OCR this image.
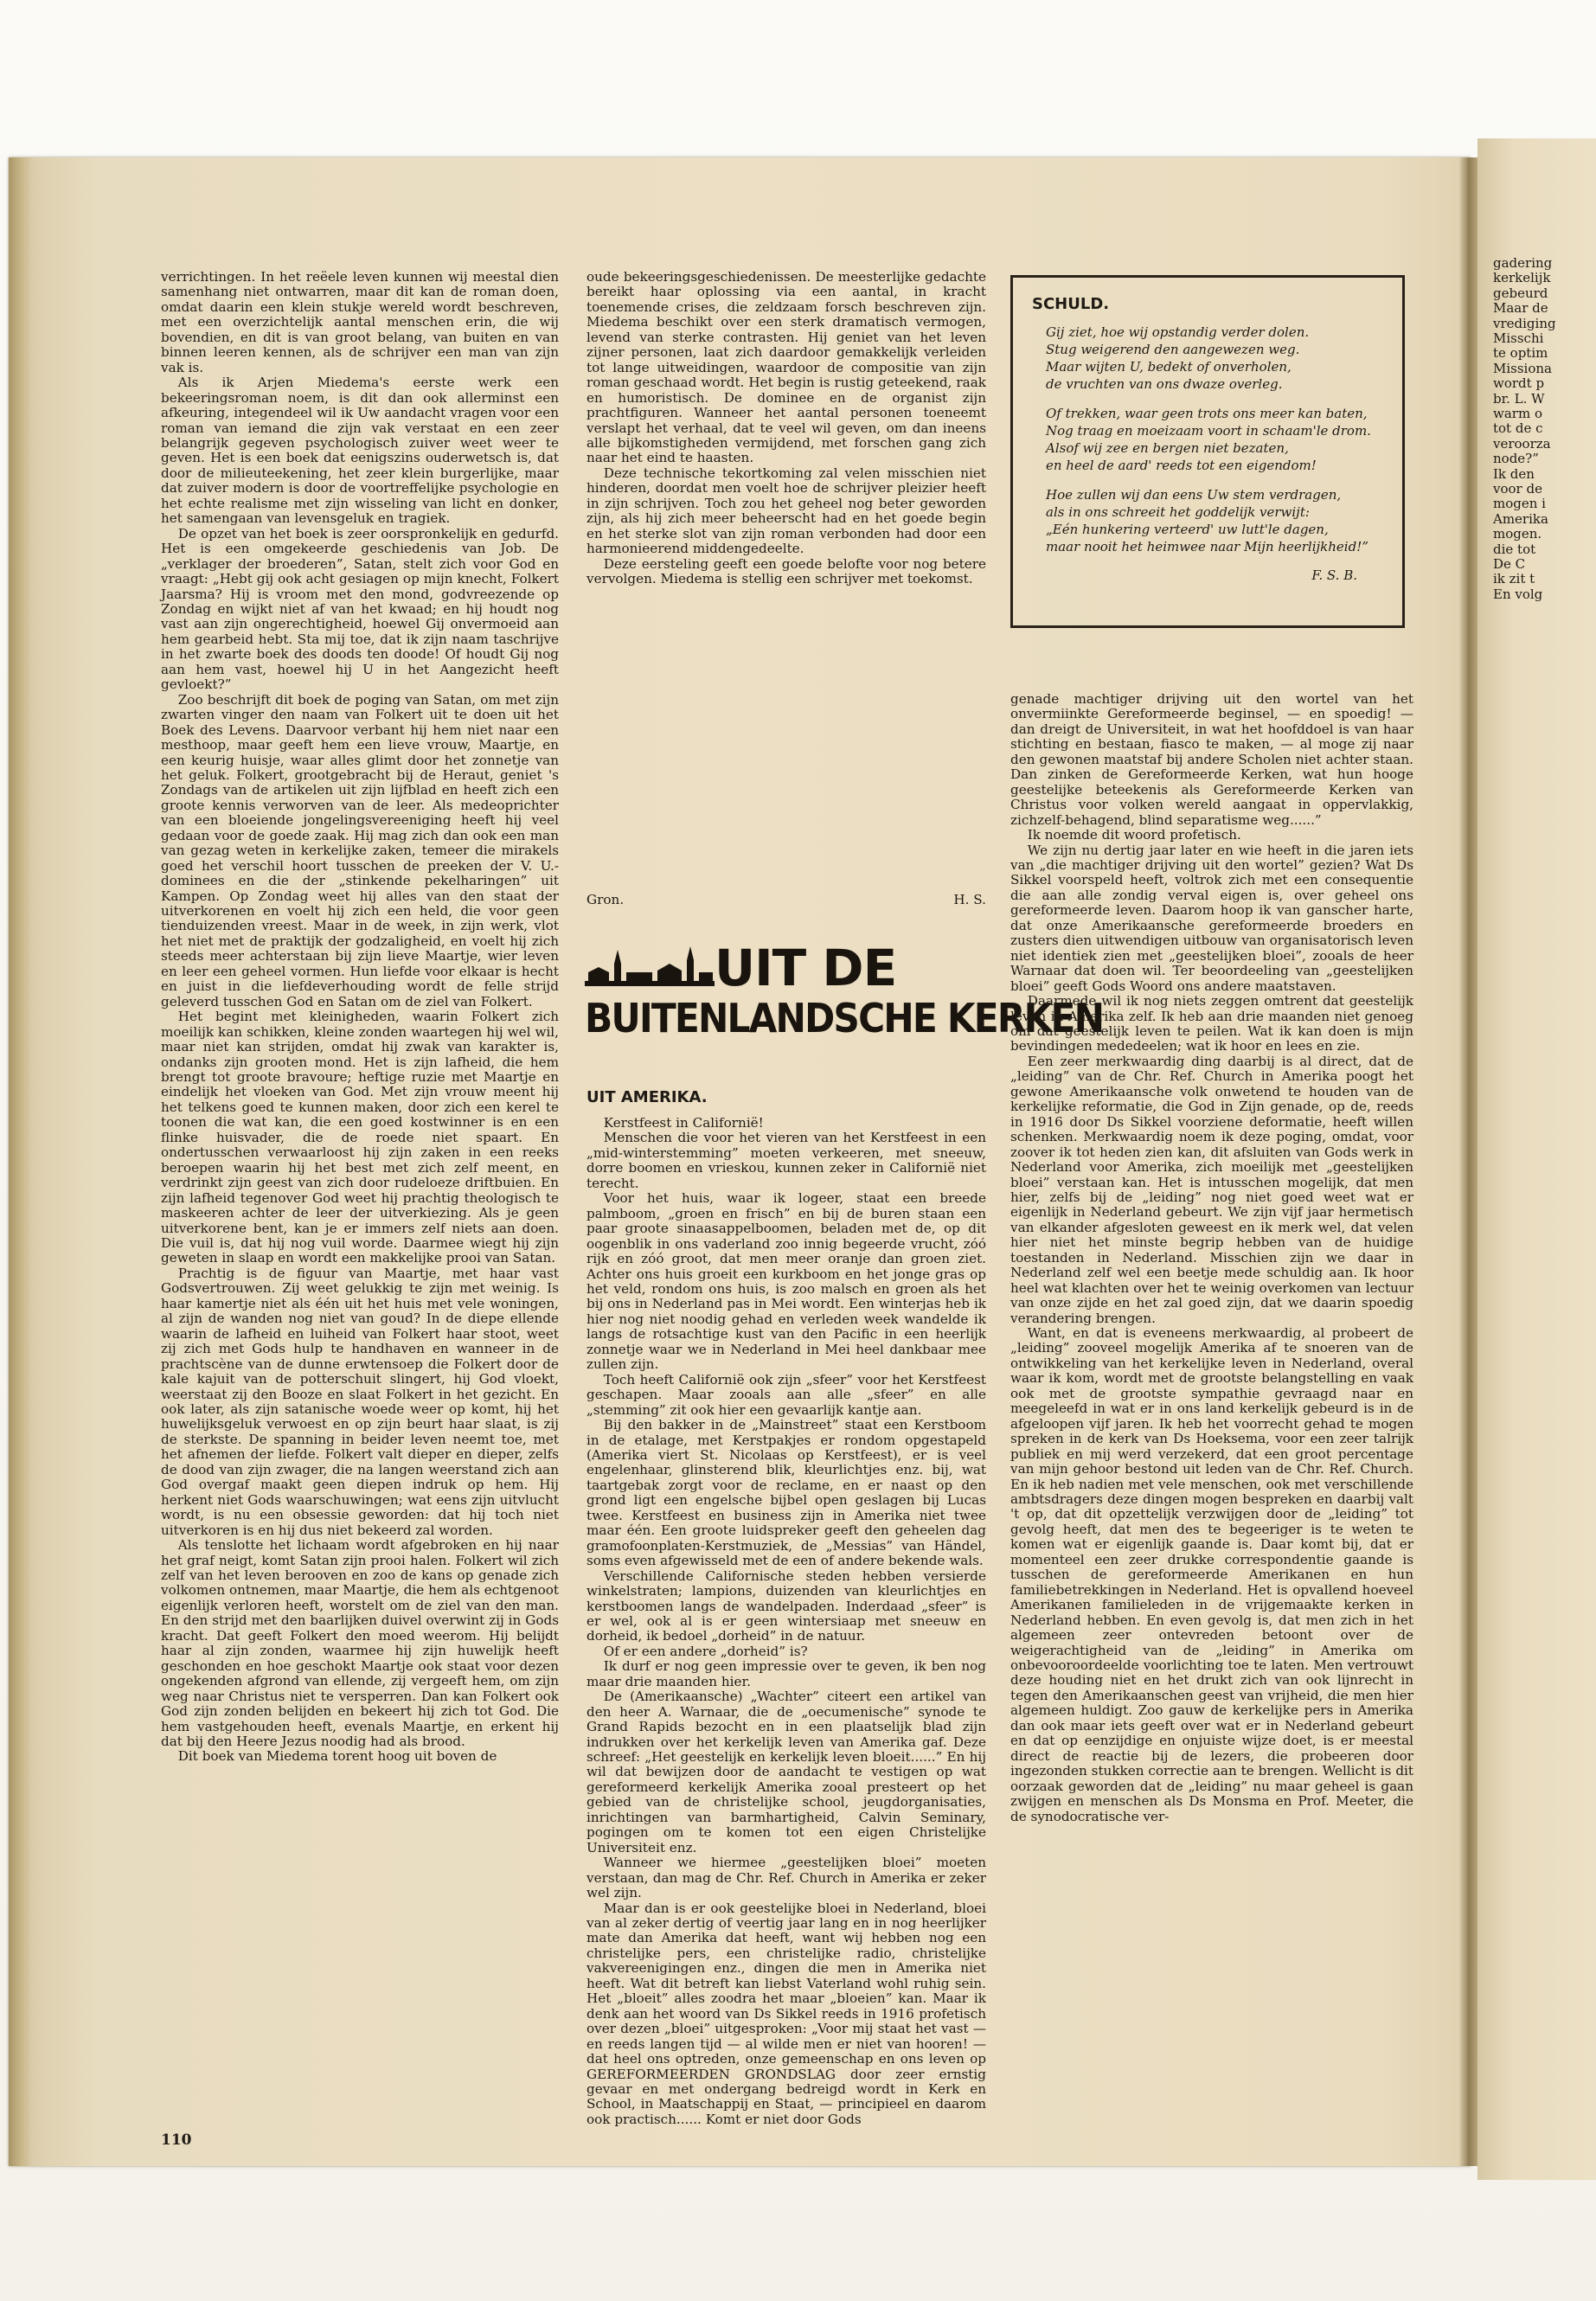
verrichtingen. In het reëele leven kunnen wij meestal dien samenhang niet ontwarren, maar dit kan de roman doen, omdat daarin een klein stukje wereld wordt beschreven, met een overzichtelijk aantal menschen erin, die wij bovendien, en dit is van groot belang, van buiten en van binnen leeren kennen, als de schrijver een man van zijn vak is.

Als ik Arjen Miedema's eerste werk een bekeeringsroman noem, is dit dan ook allerminst een afkeuring, integendeel wil ik Uw aandacht vragen voor een roman van iemand die zijn vak verstaat en een zeer belangrijk gegeven psychologisch zuiver weet weer te geven. Het is een boek dat eenigszins ouderwetsch is, dat door de milieuteekening, het zeer klein burgerlijke, maar dat zuiver modern is door de voortreffelijke psychologie en het echte realisme met zijn wisseling van licht en donker, het samengaan van levensgeluk en tragiek.

De opzet van het boek is zeer oorspronkelijk en gedurfd. Het is een omgekeerde geschiedenis van Job. De „verklager der broederen”, Satan, stelt zich voor God en vraagt: „Hebt gij ook acht gesiagen op mijn knecht, Folkert Jaarsma? Hij is vroom met den mond, godvreezende op Zondag en wijkt niet af van het kwaad; en hij houdt nog vast aan zijn ongerechtigheid, hoewel Gij onvermoeid aan hem gearbeid hebt. Sta mij toe, dat ik zijn naam taschrijve in het zwarte boek des doods ten doode! Of houdt Gij nog aan hem vast, hoewel hij U in het Aangezicht heeft gevloekt?”

Zoo beschrijft dit boek de poging van Satan, om met zijn zwarten vinger den naam van Folkert uit te doen uit het Boek des Levens. Daarvoor verbant hij hem niet naar een mesthoop, maar geeft hem een lieve vrouw, Maartje, en een keurig huisje, waar alles glimt door het zonnetje van het geluk. Folkert, grootgebracht bij de Heraut, geniet 's Zondags van de artikelen uit zijn lijfblad en heeft zich een groote kennis verworven van de leer. Als medeoprichter van een bloeiende jongelingsvereeniging heeft hij veel gedaan voor de goede zaak. Hij mag zich dan ook een man van gezag weten in kerkelijke zaken, temeer die mirakels goed het verschil hoort tusschen de preeken der V. U.-dominees en die der „stinkende pekelharingen” uit Kampen. Op Zondag weet hij alles van den staat der uitverkorenen en voelt hij zich een held, die voor geen tienduizenden vreest. Maar in de week, in zijn werk, vlot het niet met de praktijk der godzaligheid, en voelt hij zich steeds meer achterstaan bij zijn lieve Maartje, wier leven en leer een geheel vormen. Hun liefde voor elkaar is hecht en juist in die liefdeverhouding wordt de felle strijd geleverd tusschen God en Satan om de ziel van Folkert.

Het begint met kleinigheden, waarin Folkert zich moeilijk kan schikken, kleine zonden waartegen hij wel wil, maar niet kan strijden, omdat hij zwak van karakter is, ondanks zijn grooten mond. Het is zijn lafheid, die hem brengt tot groote bravoure; heftige ruzie met Maartje en eindelijk het vloeken van God. Met zijn vrouw meent hij het telkens goed te kunnen maken, door zich een kerel te toonen die wat kan, die een goed kostwinner is en een flinke huisvader, die de roede niet spaart. En ondertusschen verwaarloost hij zijn zaken in een reeks beroepen waarin hij het best met zich zelf meent, en verdrinkt zijn geest van zich door rudeloeze driftbuien. En zijn lafheid tegenover God weet hij prachtig theologisch te maskeeren achter de leer der uitverkiezing. Als je geen uitverkorene bent, kan je er immers zelf niets aan doen. Die vuil is, dat hij nog vuil worde. Daarmee wiegt hij zijn geweten in slaap en wordt een makkelijke prooi van Satan.

Prachtig is de figuur van Maartje, met haar vast Godsvertrouwen. Zij weet gelukkig te zijn met weinig. Is haar kamertje niet als één uit het huis met vele woningen, al zijn de wanden nog niet van goud? In de diepe ellende waarin de lafheid en luiheid van Folkert haar stoot, weet zij zich met Gods hulp te handhaven en wanneer in de prachtscène van de dunne erwtensoep die Folkert door de kale kajuit van de potterschuit slingert, hij God vloekt, weerstaat zij den Booze en slaat Folkert in het gezicht. En ook later, als zijn satanische woede weer op komt, hij het huwelijksgeluk verwoest en op zijn beurt haar slaat, is zij de sterkste. De spanning in beider leven neemt toe, met het afnemen der liefde. Folkert valt dieper en dieper, zelfs de dood van zijn zwager, die na langen weerstand zich aan God overgaf maakt geen diepen indruk op hem. Hij herkent niet Gods waarschuwingen; wat eens zijn uitvlucht wordt, is nu een obsessie geworden: dat hij toch niet uitverkoren is en hij dus niet bekeerd zal worden.

Als tenslotte het lichaam wordt afgebroken en hij naar het graf neigt, komt Satan zijn prooi halen. Folkert wil zich zelf van het leven berooven en zoo de kans op genade zich volkomen ontnemen, maar Maartje, die hem als echtgenoot eigenlijk verloren heeft, worstelt om de ziel van den man. En den strijd met den baarlijken duivel overwint zij in Gods kracht. Dat geeft Folkert den moed weerom. Hij belijdt haar al zijn zonden, waarmee hij zijn huwelijk heeft geschonden en hoe geschokt Maartje ook staat voor dezen ongekenden afgrond van ellende, zij vergeeft hem, om zijn weg naar Christus niet te versperren. Dan kan Folkert ook God zijn zonden belijden en bekeert hij zich tot God. Die hem vastgehouden heeft, evenals Maartje, en erkent hij dat bij den Heere Jezus noodig had als brood.

Dit boek van Miedema torent hoog uit boven de

110

oude bekeeringsgeschiedenissen. De meesterlijke gedachte bereikt haar oplossing via een aantal, in kracht toenemende crises, die zeldzaam forsch beschreven zijn. Miedema beschikt over een sterk dramatisch vermogen, levend van sterke contrasten. Hij geniet van het leven zijner personen, laat zich daardoor gemakkelijk verleiden tot lange uitweidingen, waardoor de compositie van zijn roman geschaad wordt. Het begin is rustig geteekend, raak en humoristisch. De dominee en de organist zijn prachtfiguren. Wanneer het aantal personen toeneemt verslapt het verhaal, dat te veel wil geven, om dan ineens alle bijkomstigheden vermijdend, met forschen gang zich naar het eind te haasten.

Deze technische tekortkoming zal velen misschien niet hinderen, doordat men voelt hoe de schrijver pleizier heeft in zijn schrijven. Toch zou het geheel nog beter geworden zijn, als hij zich meer beheerscht had en het goede begin en het sterke slot van zijn roman verbonden had door een harmonieerend middengedeelte.

Deze eersteling geeft een goede belofte voor nog betere vervolgen. Miedema is stellig een schrijver met toekomst.

Gron.	H. S.
UIT DE
BUITENLANDSCHE KERKEN
UIT AMERIKA.

Kerstfeest in Californië!

Menschen die voor het vieren van het Kerstfeest in een „mid-winterstemming” moeten verkeeren, met sneeuw, dorre boomen en vrieskou, kunnen zeker in Californië niet terecht.

Voor het huis, waar ik logeer, staat een breede palmboom, „groen en frisch” en bij de buren staan een paar groote sinaasappelboomen, beladen met de, op dit oogenblik in ons vaderland zoo innig begeerde vrucht, zóó rijk en zóó groot, dat men meer oranje dan groen ziet. Achter ons huis groeit een kurkboom en het jonge gras op het veld, rondom ons huis, is zoo malsch en groen als het bij ons in Nederland pas in Mei wordt. Een winterjas heb ik hier nog niet noodig gehad en verleden week wandelde ik langs de rotsachtige kust van den Pacific in een heerlijk zonnetje waar we in Nederland in Mei heel dankbaar mee zullen zijn.

Toch heeft Californië ook zijn „sfeer” voor het Kerstfeest geschapen. Maar zooals aan alle „sfeer” en alle „stemming” zit ook hier een gevaarlijk kantje aan.

Bij den bakker in de „Mainstreet” staat een Kerstboom in de etalage, met Kerstpakjes er rondom opgestapeld (Amerika viert St. Nicolaas op Kerstfeest), er is veel engelenhaar, glinsterend blik, kleurlichtjes enz. bij, wat taartgebak zorgt voor de reclame, en er naast op den grond ligt een engelsche bijbel open geslagen bij Lucas twee. Kerstfeest en business zijn in Amerika niet twee maar één. Een groote luidspreker geeft den geheelen dag gramofoonplaten-Kerstmuziek, de „Messias” van Händel, soms even afgewisseld met de een of andere bekende wals.

Verschillende Californische steden hebben versierde winkelstraten; lampions, duizenden van kleurlichtjes en kerstboomen langs de wandelpaden. Inderdaad „sfeer” is er wel, ook al is er geen wintersiaap met sneeuw en dorheid, ik bedoel „dorheid” in de natuur.

Of er een andere „dorheid” is?

Ik durf er nog geen impressie over te geven, ik ben nog maar drie maanden hier.

De (Amerikaansche) „Wachter” citeert een artikel van den heer A. Warnaar, die de „oecumenische” synode te Grand Rapids bezocht en in een plaatselijk blad zijn indrukken over het kerkelijk leven van Amerika gaf. Deze schreef: „Het geestelijk en kerkelijk leven bloeit......” En hij wil dat bewijzen door de aandacht te vestigen op wat gereformeerd kerkelijk Amerika zooal presteert op het gebied van de christelijke school, jeugdorganisaties, inrichtingen van barmhartigheid, Calvin Seminary, pogingen om te komen tot een eigen Christelijke Universiteit enz.

Wanneer we hiermee „geestelijken bloei” moeten verstaan, dan mag de Chr. Ref. Church in Amerika er zeker wel zijn.

Maar dan is er ook geestelijke bloei in Nederland, bloei van al zeker dertig of veertig jaar lang en in nog heerlijker mate dan Amerika dat heeft, want wij hebben nog een christelijke pers, een christelijke radio, christelijke vakvereenigingen enz., dingen die men in Amerika niet heeft. Wat dit betreft kan liebst Vaterland wohl ruhig sein. Het „bloeit” alles zoodra het maar „bloeien” kan. Maar ik denk aan het woord van Ds Sikkel reeds in 1916 profetisch over dezen „bloei” uitgesproken: „Voor mij staat het vast — en reeds langen tijd — al wilde men er niet van hooren! — dat heel ons optreden, onze gemeenschap en ons leven op GEREFORMEERDEN GRONDSLAG door zeer ernstig gevaar en met ondergang bedreigd wordt in Kerk en School, in Maatschappij en Staat, — principieel en daarom ook practisch...... Komt er niet door Gods

SCHULD.
Gij ziet, hoe wij opstandig verder dolen.
Stug weigerend den aangewezen weg.
Maar wijten U, bedekt of onverholen,
de vruchten van ons dwaze overleg.
Of trekken, waar geen trots ons meer kan baten,
Nog traag en moeizaam voort in schaam'le drom.
Alsof wij zee en bergen niet bezaten,
en heel de aard' reeds tot een eigendom!
Hoe zullen wij dan eens Uw stem verdragen,
als in ons schreeit het goddelijk verwijt:
„Eén hunkering verteerd' uw lutt'le dagen,
maar nooit het heimwee naar Mijn heerlijkheid!”
F. S. B.

genade machtiger drijving uit den wortel van het onvermiinkte Gereformeerde beginsel, — en spoedig! — dan dreigt de Universiteit, in wat het hoofddoel is van haar stichting en bestaan, fiasco te maken, — al moge zij naar den gewonen maatstaf bij andere Scholen niet achter staan. Dan zinken de Gereformeerde Kerken, wat hun hooge geestelijke beteekenis als Gereformeerde Kerken van Christus voor volken wereld aangaat in oppervlakkig, zichzelf-behagend, blind separatisme weg......”

Ik noemde dit woord profetisch.

We zijn nu dertig jaar later en wie heeft in die jaren iets van „die machtiger drijving uit den wortel” gezien? Wat Ds Sikkel voorspeld heeft, voltrok zich met een consequentie die aan alle zondig verval eigen is, over geheel ons gereformeerde leven. Daarom hoop ik van ganscher harte, dat onze Amerikaansche gereformeerde broeders en zusters dien uitwendigen uitbouw van organisatorisch leven niet identiek zien met „geestelijken bloei”, zooals de heer Warnaar dat doen wil. Ter beoordeeling van „geestelijken bloei” geeft Gods Woord ons andere maatstaven.

Daarmede wil ik nog niets zeggen omtrent dat geestelijk leven in Amerika zelf. Ik heb aan drie maanden niet genoeg om dat geestelijk leven te peilen. Wat ik kan doen is mijn bevindingen mededeelen; wat ik hoor en lees en zie.

Een zeer merkwaardig ding daarbij is al direct, dat de „leiding” van de Chr. Ref. Church in Amerika poogt het gewone Amerikaansche volk onwetend te houden van de kerkelijke reformatie, die God in Zijn genade, op de, reeds in 1916 door Ds Sikkel voorziene deformatie, heeft willen schenken. Merkwaardig noem ik deze poging, omdat, voor zoover ik tot heden zien kan, dit afsluiten van Gods werk in Nederland voor Amerika, zich moeilijk met „geestelijken bloei” verstaan kan. Het is intusschen mogelijk, dat men hier, zelfs bij de „leiding” nog niet goed weet wat er eigenlijk in Nederland gebeurt. We zijn vijf jaar hermetisch van elkander afgesloten geweest en ik merk wel, dat velen hier niet het minste begrip hebben van de huidige toestanden in Nederland. Misschien zijn we daar in Nederland zelf wel een beetje mede schuldig aan. Ik hoor heel wat klachten over het te weinig overkomen van lectuur van onze zijde en het zal goed zijn, dat we daarin spoedig verandering brengen.

Want, en dat is eveneens merkwaardig, al probeert de „leiding” zooveel mogelijk Amerika af te snoeren van de ontwikkeling van het kerkelijke leven in Nederland, overal waar ik kom, wordt met de grootste belangstelling en vaak ook met de grootste sympathie gevraagd naar en meegeleefd in wat er in ons land kerkelijk gebeurd is in de afgeloopen vijf jaren. Ik heb het voorrecht gehad te mogen spreken in de kerk van Ds Hoeksema, voor een zeer talrijk publiek en mij werd verzekerd, dat een groot percentage van mijn gehoor bestond uit leden van de Chr. Ref. Church. En ik heb nadien met vele menschen, ook met verschillende ambtsdragers deze dingen mogen bespreken en daarbij valt 't op, dat dit opzettelijk verzwijgen door de „leiding” tot gevolg heeft, dat men des te begeeriger is te weten te komen wat er eigenlijk gaande is. Daar komt bij, dat er momenteel een zeer drukke correspondentie gaande is tusschen de gereformeerde Amerikanen en hun familiebetrekkingen in Nederland. Het is opvallend hoeveel Amerikanen familieleden in de vrijgemaakte kerken in Nederland hebben. En even gevolg is, dat men zich in het algemeen zeer ontevreden betoont over de weigerachtigheid van de „leiding” in Amerika om onbevooroordeelde voorlichting toe te laten. Men vertrouwt deze houding niet en het drukt zich van ook lijnrecht in tegen den Amerikaanschen geest van vrijheid, die men hier algemeen huldigt. Zoo gauw de kerkelijke pers in Amerika dan ook maar iets geeft over wat er in Nederland gebeurt en dat op eenzijdige en onjuiste wijze doet, is er meestal direct de reactie bij de lezers, die probeeren door ingezonden stukken correctie aan te brengen. Wellicht is dit oorzaak geworden dat de „leiding” nu maar geheel is gaan zwijgen en menschen als Ds Monsma en Prof. Meeter, die de synodocratische ver-

gadering
kerkelijk
gebeurd
Maar de
vrediging
Misschi
te optim
Missiona
wordt p
br. L. W
warm o
tot de c
veroorza
node?”
Ik den
voor de
mogen i
Amerika
mogen.
die tot
De C
ik zit t
En volg
